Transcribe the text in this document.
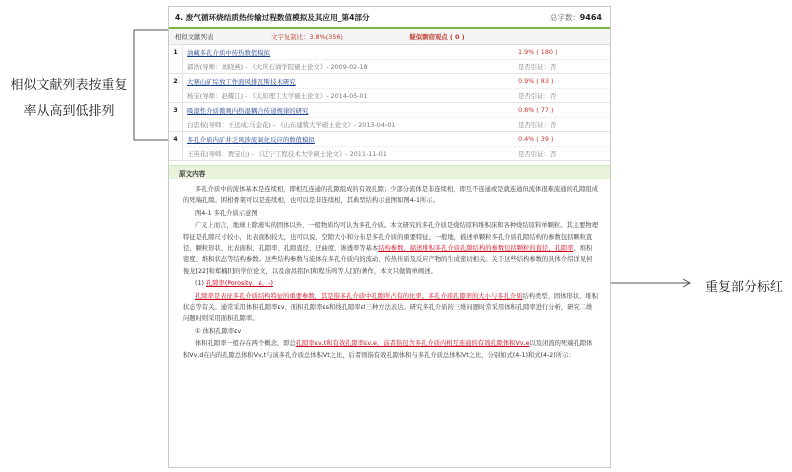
相似文献列表按重复率从高到低排列
重复部分标红
4. 废气循环烧结质热传输过程数值模拟及其应用_第4部分	总字数：9464
相似文献列表	文字复制比：3.8%(356)	疑似剽窃观点 ( 0 )
1	油藏多孔介质中传热数值模拟	1.9% ( 180 )
郭浩(导师：刘晓燕) - 《大庆石油学院硕士论文》- 2009-02-18	是否引证：否
2	大寨山矿综放工作面风排瓦斯技术研究	0.9% ( 83 )
杨宝(导师：赵耀江) - 《太原理工大学硕士论文》- 2014-05-01	是否引证：否
3	吸湿性介质微观内热湿耦合传递规律的研究	0.8% ( 77 )
白忠权(导师：王远成;马金花) - 《山东建筑大学硕士论文》- 2013-04-01	是否引证：否
4	多孔介质内矿井乏风涉流氧化反应的数值模拟	0.4% ( 39 )
王英花(导师：贾宝山) - 《辽宁工程技术大学硕士论文》- 2011-11-01	是否引证：否
原文内容

多孔介质中的流体基本是连续相，即相互连通的孔隙组成的有效孔隙；少部分流体是非连续相，即互不连通或是就连通但流体很难流通的孔隙组成的死端孔隙。困相骨架可以是连续相，也可以是非连续相，其典型结构示意图如图4-1所示。

图4-1 多孔介质示意图

广义上而言，地球上除液实的固体以外，一般物质均可认为多孔介质。本文研究的多孔介质是烧结原料堆积床和各种烧结原料单颗粒。其主要物理特征是孔隙尺寸较小，比表面积较大，也可以说，空隙大小和分布是多孔介质的重要特征。一般地，描述单颗粒多孔介质孔隙结构的参数包括颗粒直径、颗粒形状、比表面积、孔隙率、孔隙直径、迂曲度、渗透率等基本结构参数，描述堆积多孔介质孔隙结构的参数包括颗粒的直径、孔隙率、堆积密度、堆积状态等结构参数。这些结构参数与流体在多孔介质内的流动、传热传质及反应产物的生成密切相关。关于这些结构参数的具体介绍详见何俊龙[22]和郑楠[l]的学位论文，以及俞昌铭[n]和程乐鸣等人[]的著作，本文只做简单阐述。

(1) 孔隙率(Porosity，ε，-)

孔隙率是表征多孔介质结构特征的重要参数，其是指多孔介质中孔隙所占有的比率。多孔介质孔隙率的大小与多孔介质结构类型、固体形状、堆积状态等有关。通常采用体积孔隙率εv、面积孔隙率εs和线孔隙率εl三种方法表达。研究多孔介质的三维问题时常采用体积孔隙率进行分析，研究二维问题时则采用面积孔隙率。

① 体积孔隙率εv

体积孔隙率一般存在两个概念，即总孔隙率εv,t和有效孔隙率εv,e，前者指包含多孔介质内相互连通的有效孔隙体积Vv,e以及闭流的死端孔隙体积Vv,d在内的孔隙总体积Vv,t与该多孔介质总体积Vt之比，后者则指有效孔隙体积与多孔介质总体积Vt之比，分别如式(4-1)和式(4-2)所示：
